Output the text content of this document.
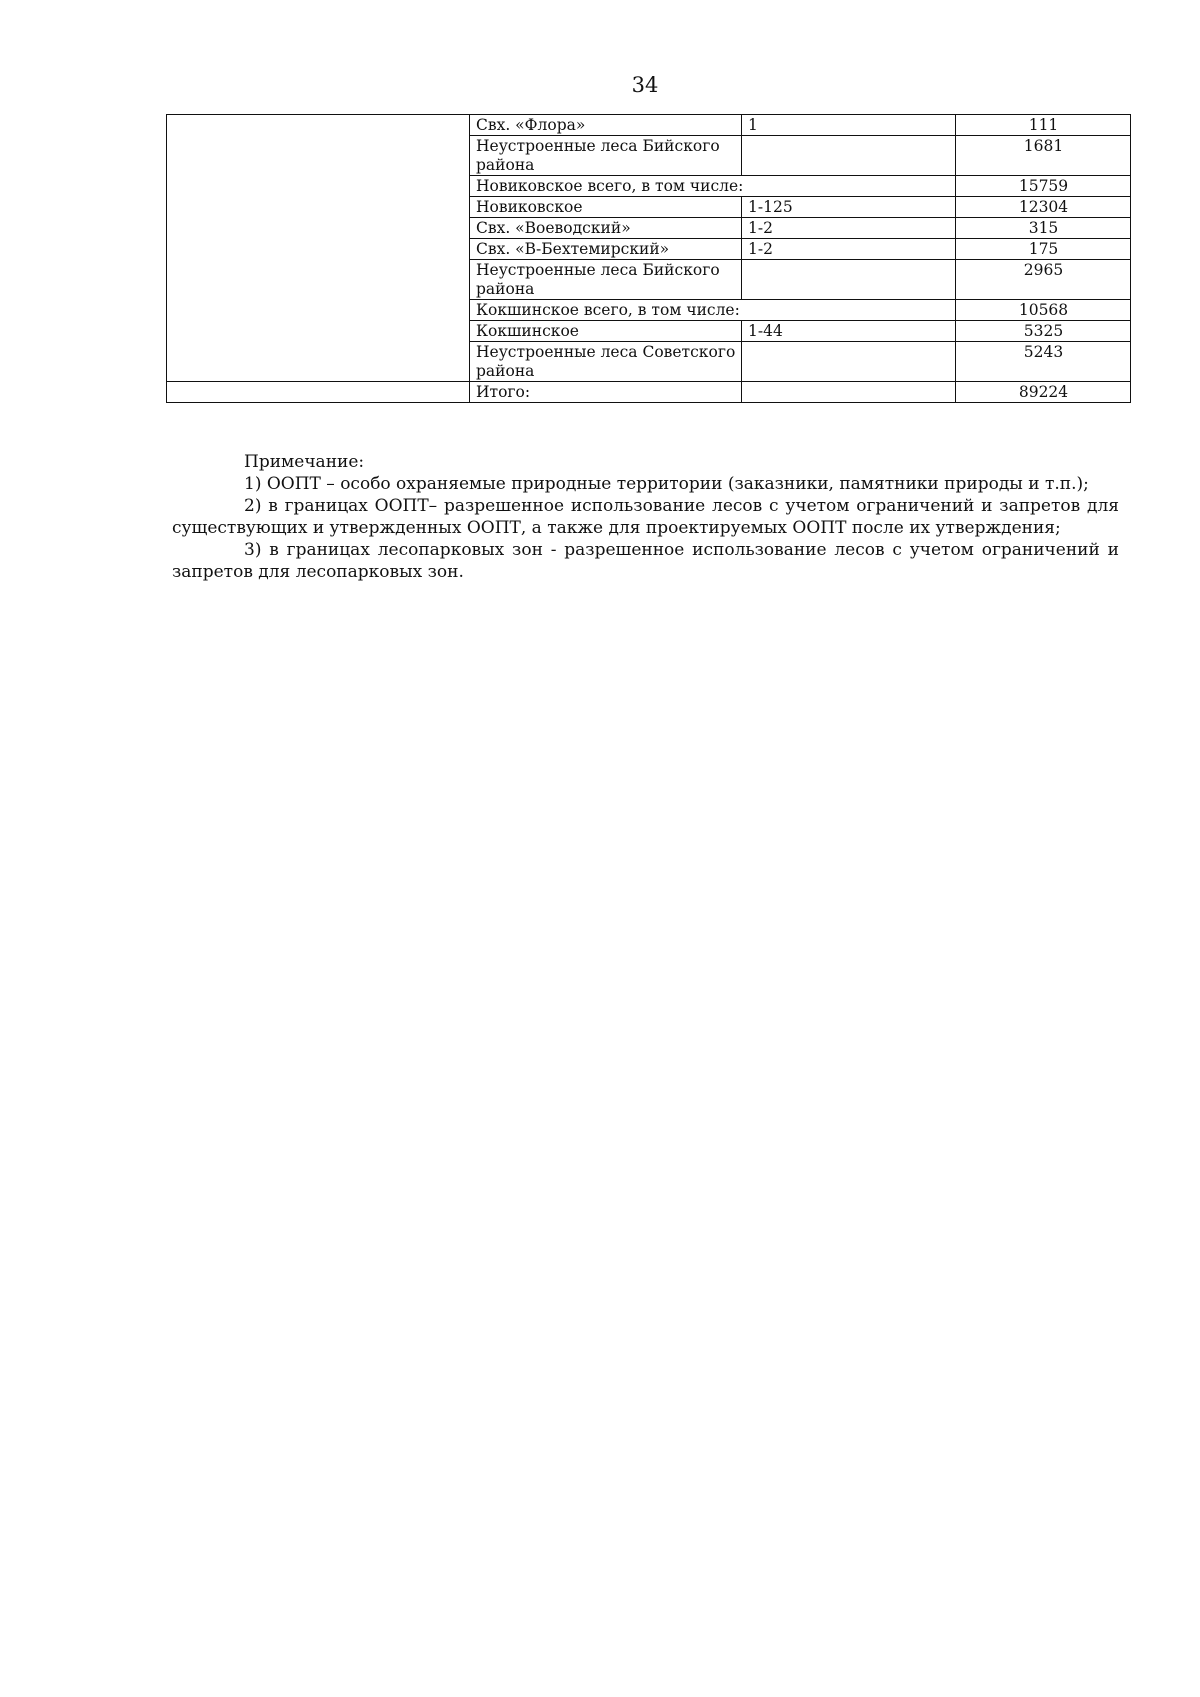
34
	Свх. «Флора»	1	111
	Неустроенные леса Бийского района		1681
	Новиковское всего, в том числе:		15759
	Новиковское	1-125	12304
	Свх. «Воеводский»	1-2	315
	Свх. «В-Бехтемирский»	1-2	175
	Неустроенные леса Бийского района		2965
	Кокшинское всего, в том числе:		10568
	Кокшинское	1-44	5325
	Неустроенные леса Советского района		5243
	Итого:		89224

Примечание:

1) ООПТ – особо охраняемые природные территории (заказники, памятники природы и т.п.);

2) в границах ООПТ– разрешенное использование лесов с учетом ограничений и запретов для существующих и утвержденных ООПТ, а также для проектируемых ООПТ после их утверждения;

3) в границах лесопарковых зон - разрешенное использование лесов с учетом ограничений и запретов для лесопарковых зон.
